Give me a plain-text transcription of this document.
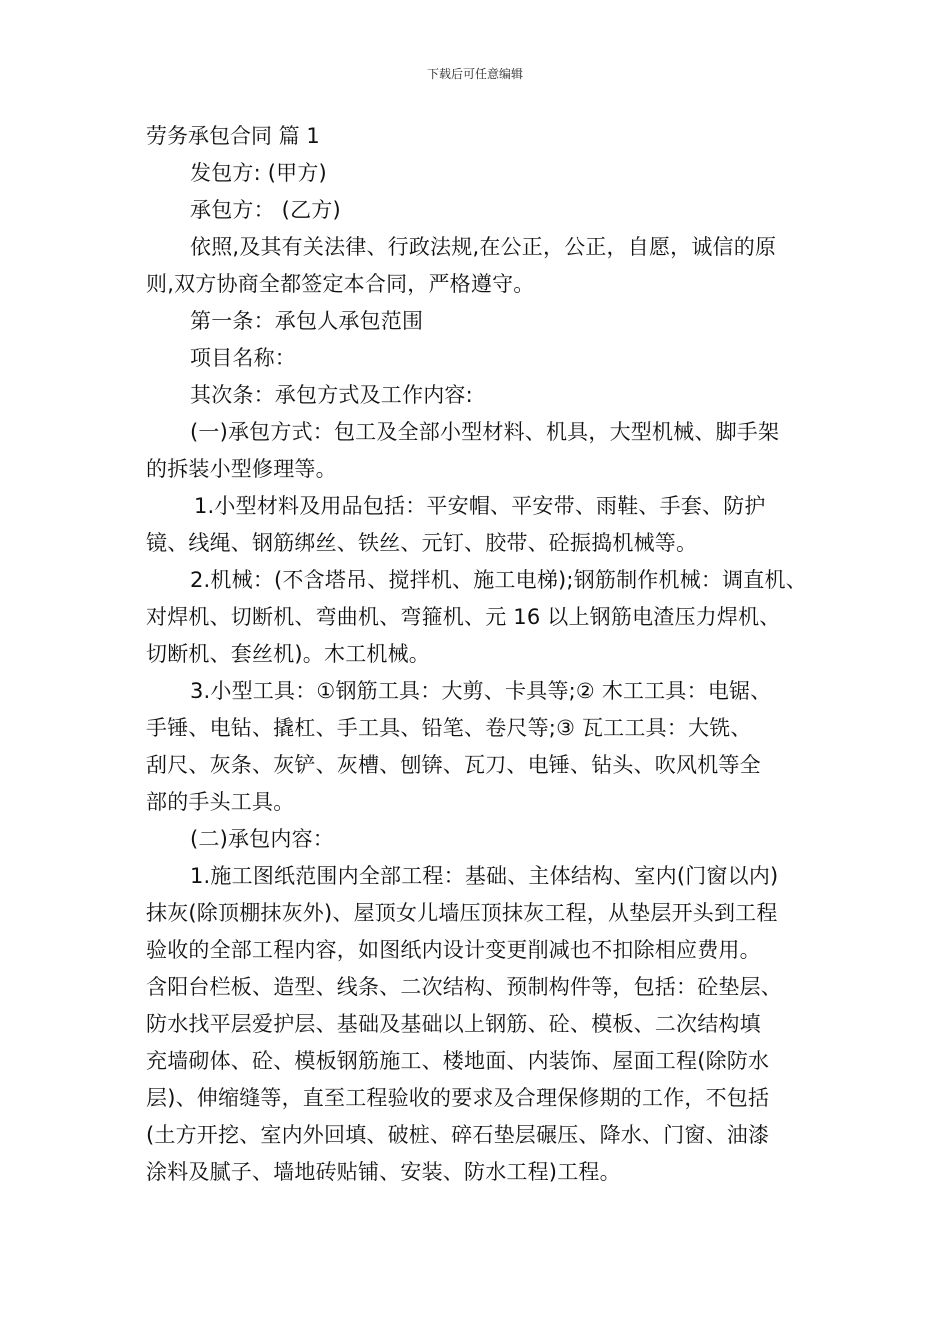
下载后可任意编辑
劳务承包合同 篇 1
发包方: (甲方)
承包方： (乙方)
依照,及其有关法律、行政法规,在公正，公正，自愿，诚信的原
则,双方协商全都签定本合同，严格遵守。
第一条：承包人承包范围
项目名称：
其次条：承包方式及工作内容:
(一)承包方式：包工及全部小型材料、机具，大型机械、脚手架
的拆装小型修理等。
1.小型材料及用品包括：平安帽、平安带、雨鞋、手套、防护
镜、线绳、钢筋绑丝、铁丝、元钉、胶带、砼振捣机械等。
2.机械：(不含塔吊、搅拌机、施工电梯);钢筋制作机械：调直机、
对焊机、切断机、弯曲机、弯箍机、元 16 以上钢筋电渣压力焊机、
切断机、套丝机)。木工机械。
3.小型工具：①钢筋工具：大剪、卡具等;② 木工工具：电锯、
手锤、电钻、撬杠、手工具、铅笔、卷尺等;③ 瓦工工具：大铣、
刮尺、灰条、灰铲、灰槽、刨锛、瓦刀、电锤、钻头、吹风机等全
部的手头工具。
(二)承包内容：
1.施工图纸范围内全部工程：基础、主体结构、室内(门窗以内)
抹灰(除顶棚抹灰外)、屋顶女儿墙压顶抹灰工程，从垫层开头到工程
验收的全部工程内容，如图纸内设计变更削减也不扣除相应费用。
含阳台栏板、造型、线条、二次结构、预制构件等，包括：砼垫层、
防水找平层爱护层、基础及基础以上钢筋、砼、模板、二次结构填
充墙砌体、砼、模板钢筋施工、楼地面、内装饰、屋面工程(除防水
层)、伸缩缝等，直至工程验收的要求及合理保修期的工作，不包括
(土方开挖、室内外回填、破桩、碎石垫层碾压、降水、门窗、油漆
涂料及腻子、墙地砖贴铺、安装、防水工程)工程。
